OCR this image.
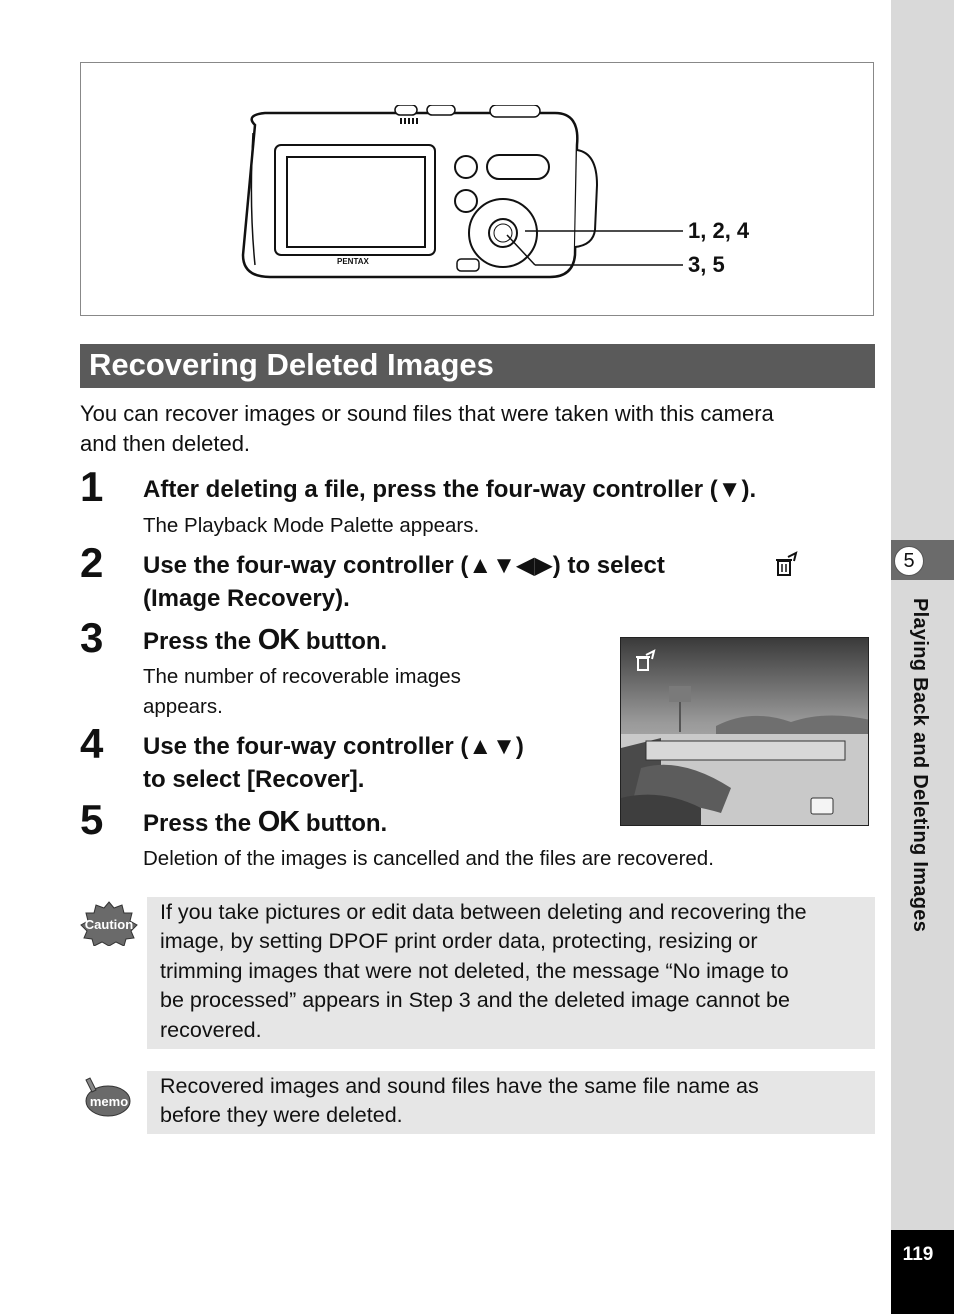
5
Playing Back and Deleting Images
119
PENTAX
1, 2, 4
3, 5
Recovering Deleted Images
You can recover images or sound files that were taken with this camera
and then deleted.
1 After deleting a file, press the four-way controller (▼).
The Playback Mode Palette appears.
2 Use the four-way controller (▲▼◀▶) to select
(Image Recovery).
3 Press the OK button.
The number of recoverable images
appears.
4 Use the four-way controller (▲▼)
to select [Recover].
5 Press the OK button.
Deletion of the images is cancelled and the files are recovered.
Caution
If you take pictures or edit data between deleting and recovering the
image, by setting DPOF print order data, protecting, resizing or
trimming images that were not deleted, the message “No image to
be processed” appears in Step 3 and the deleted image cannot be
recovered.
memo
Recovered images and sound files have the same file name as
before they were deleted.
